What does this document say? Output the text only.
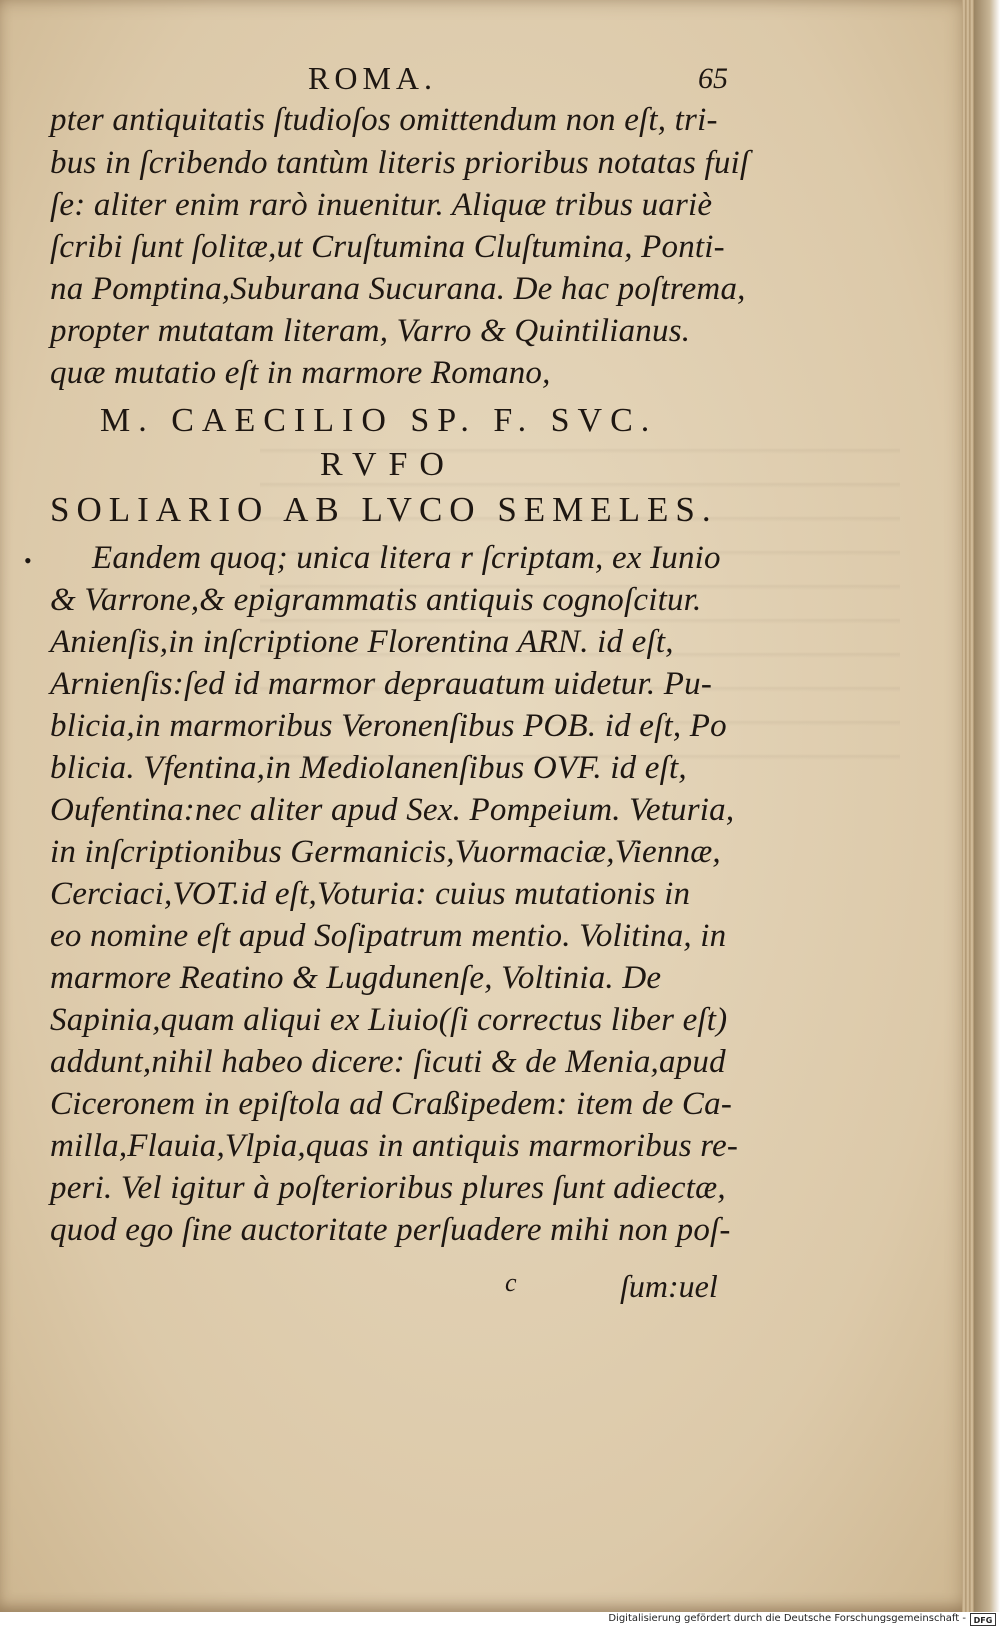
ROMA.	65
pter antiquitatis ſtudioſos omittendum non eſt, tri-
bus in ſcribendo tantùm literis prioribus notatas fuiſ
ſe: aliter enim rarò inuenitur. Aliquæ tribus uariè
ſcribi ſunt ſolitæ,ut Cruſtumina Cluſtumina, Ponti-
na Pomptina,Suburana Sucurana. De hac poſtrema,
propter mutatam literam, Varro & Quintilianus.
quæ mutatio eſt in marmore Romano,
M. CAECILIO SP. F. SVC.
RVFO
SOLIARIO AB LVCO SEMELES.
• Eandem quoq; unica litera r ſcriptam, ex Iunio
& Varrone,& epigrammatis antiquis cognoſcitur.
Anienſis,in inſcriptione Florentina ARN. id eſt,
Arnienſis:ſed id marmor deprauatum uidetur. Pu-
blicia,in marmoribus Veronenſibus POB. id eſt, Po
blicia. Vfentina,in Mediolanenſibus OVF. id eſt,
Oufentina:nec aliter apud Sex. Pompeium. Veturia,
in inſcriptionibus Germanicis,Vuormaciæ,Viennæ,
Cerciaci,VOT.id eſt,Voturia: cuius mutationis in
eo nomine eſt apud Soſipatrum mentio. Volitina, in
marmore Reatino & Lugdunenſe, Voltinia. De
Sapinia,quam aliqui ex Liuio(ſi correctus liber eſt)
addunt,nihil habeo dicere: ſicuti & de Menia,apud
Ciceronem in epiſtola ad Craßipedem: item de Ca-
milla,Flauia,Vlpia,quas in antiquis marmoribus re-
peri. Vel igitur à poſterioribus plures ſunt adiectæ,
quod ego ſine auctoritate perſuadere mihi non poſ-
c	ſum:uel
Digitalisierung gefördert durch die Deutsche Forschungsgemeinschaft - DFG
